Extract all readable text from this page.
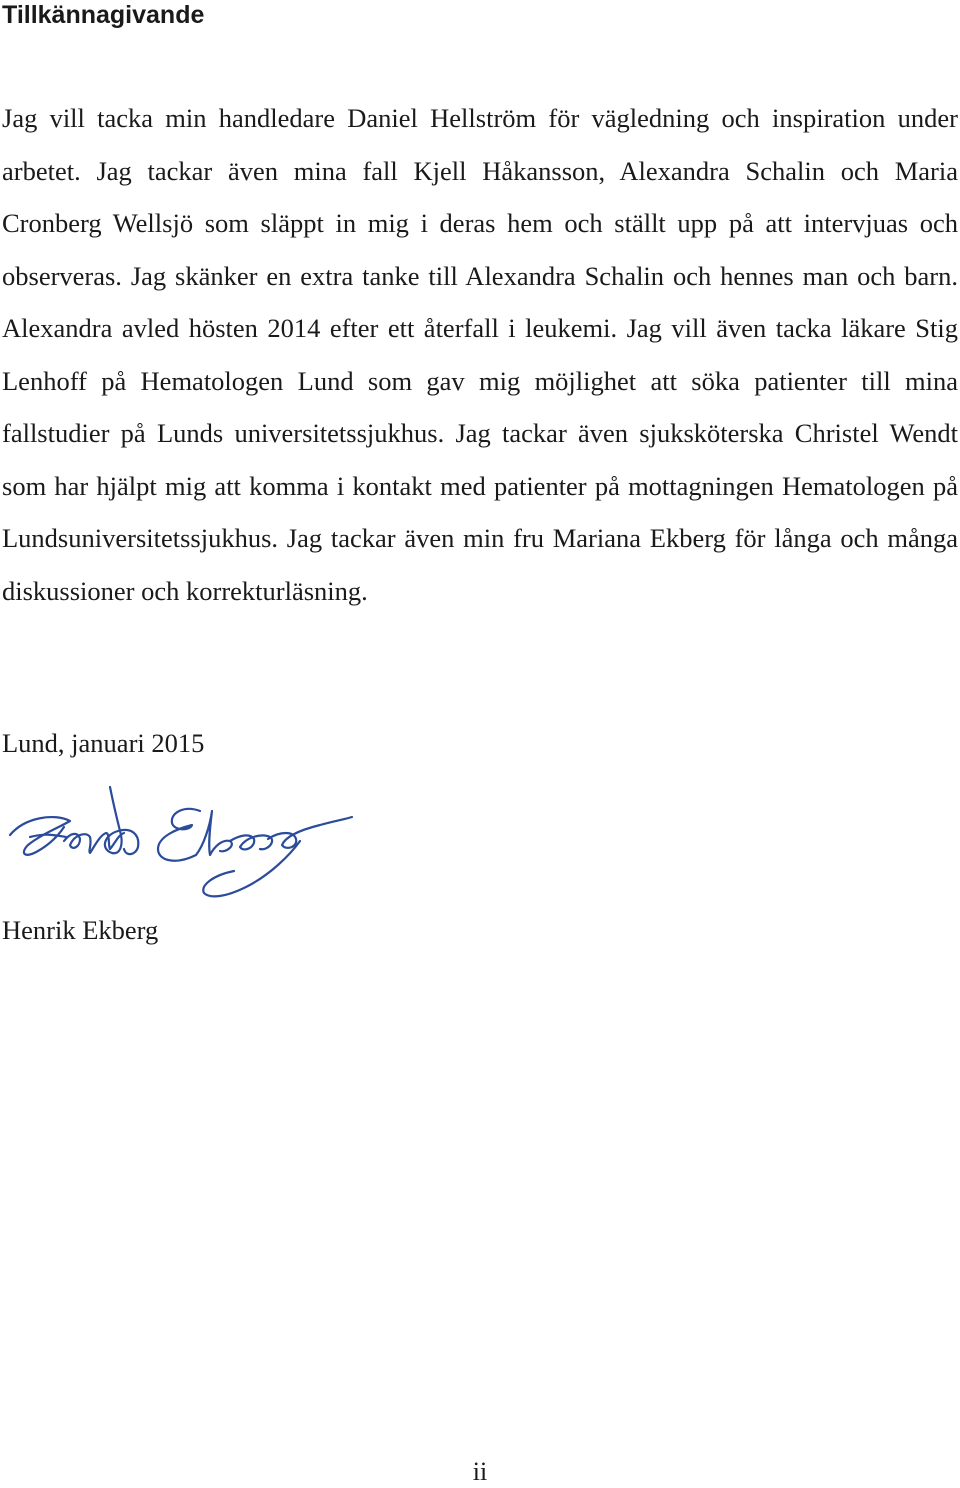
Tillkännagivande

Jag vill tacka min handledare Daniel Hellström för vägledning och inspiration under arbetet. Jag tackar även mina fall Kjell Håkansson, Alexandra Schalin och Maria Cronberg Wellsjö som släppt in mig i deras hem och ställt upp på att intervjuas och observeras. Jag skänker en extra tanke till Alexandra Schalin och hennes man och barn. Alexandra avled hösten 2014 efter ett återfall i leukemi. Jag vill även tacka läkare Stig Lenhoff på Hematologen Lund som gav mig möjlighet att söka patienter till mina fallstudier på Lunds universitetssjukhus. Jag tackar även sjuksköterska Christel Wendt som har hjälpt mig att komma i kontakt med patienter på mottagningen Hematologen på Lundsuniversitetssjukhus. Jag tackar även min fru Mariana Ekberg för långa och många diskussioner och korrekturläsning.

Lund, januari 2015

Henrik Ekberg

ii
